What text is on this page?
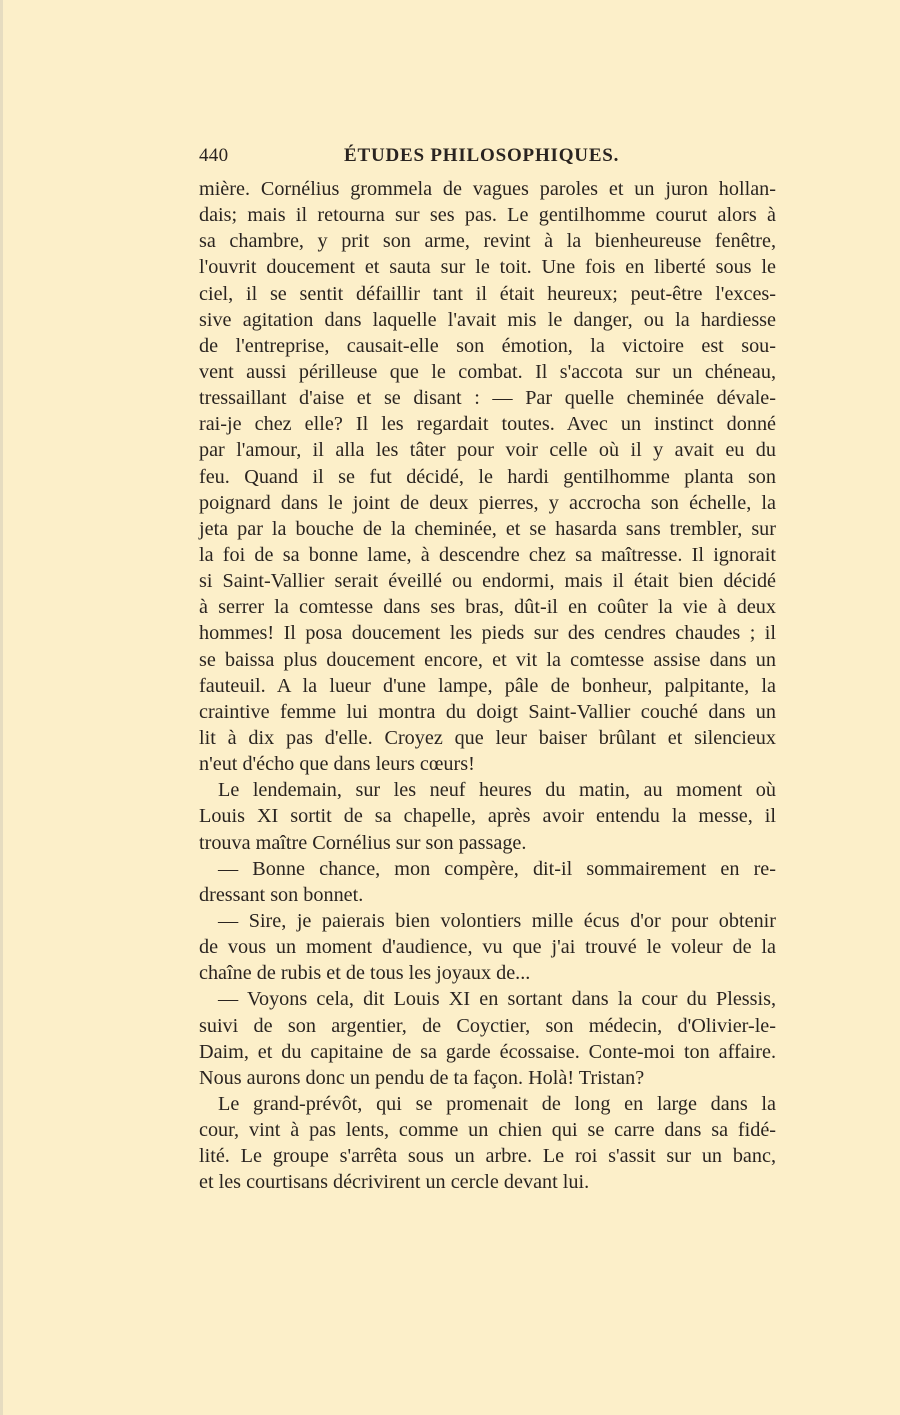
440	ÉTUDES PHILOSOPHIQUES.
mière. Cornélius grommela de vagues paroles et un juron hollan-
dais; mais il retourna sur ses pas. Le gentilhomme courut alors à
sa chambre, y prit son arme, revint à la bienheureuse fenêtre,
l'ouvrit doucement et sauta sur le toit. Une fois en liberté sous le
ciel, il se sentit défaillir tant il était heureux; peut-être l'exces-
sive agitation dans laquelle l'avait mis le danger, ou la hardiesse
de l'entreprise, causait-elle son émotion, la victoire est sou-
vent aussi périlleuse que le combat. Il s'accota sur un chéneau,
tressaillant d'aise et se disant : — Par quelle cheminée dévale-
rai-je chez elle? Il les regardait toutes. Avec un instinct donné
par l'amour, il alla les tâter pour voir celle où il y avait eu du
feu. Quand il se fut décidé, le hardi gentilhomme planta son
poignard dans le joint de deux pierres, y accrocha son échelle, la
jeta par la bouche de la cheminée, et se hasarda sans trembler, sur
la foi de sa bonne lame, à descendre chez sa maîtresse. Il ignorait
si Saint-Vallier serait éveillé ou endormi, mais il était bien décidé
à serrer la comtesse dans ses bras, dût-il en coûter la vie à deux
hommes! Il posa doucement les pieds sur des cendres chaudes ; il
se baissa plus doucement encore, et vit la comtesse assise dans un
fauteuil. A la lueur d'une lampe, pâle de bonheur, palpitante, la
craintive femme lui montra du doigt Saint-Vallier couché dans un
lit à dix pas d'elle. Croyez que leur baiser brûlant et silencieux
n'eut d'écho que dans leurs cœurs!
Le lendemain, sur les neuf heures du matin, au moment où
Louis XI sortit de sa chapelle, après avoir entendu la messe, il
trouva maître Cornélius sur son passage.
— Bonne chance, mon compère, dit-il sommairement en re-
dressant son bonnet.
— Sire, je paierais bien volontiers mille écus d'or pour obtenir
de vous un moment d'audience, vu que j'ai trouvé le voleur de la
chaîne de rubis et de tous les joyaux de...
— Voyons cela, dit Louis XI en sortant dans la cour du Plessis,
suivi de son argentier, de Coyctier, son médecin, d'Olivier-le-
Daim, et du capitaine de sa garde écossaise. Conte-moi ton affaire.
Nous aurons donc un pendu de ta façon. Holà! Tristan?
Le grand-prévôt, qui se promenait de long en large dans la
cour, vint à pas lents, comme un chien qui se carre dans sa fidé-
lité. Le groupe s'arrêta sous un arbre. Le roi s'assit sur un banc,
et les courtisans décrivirent un cercle devant lui.
